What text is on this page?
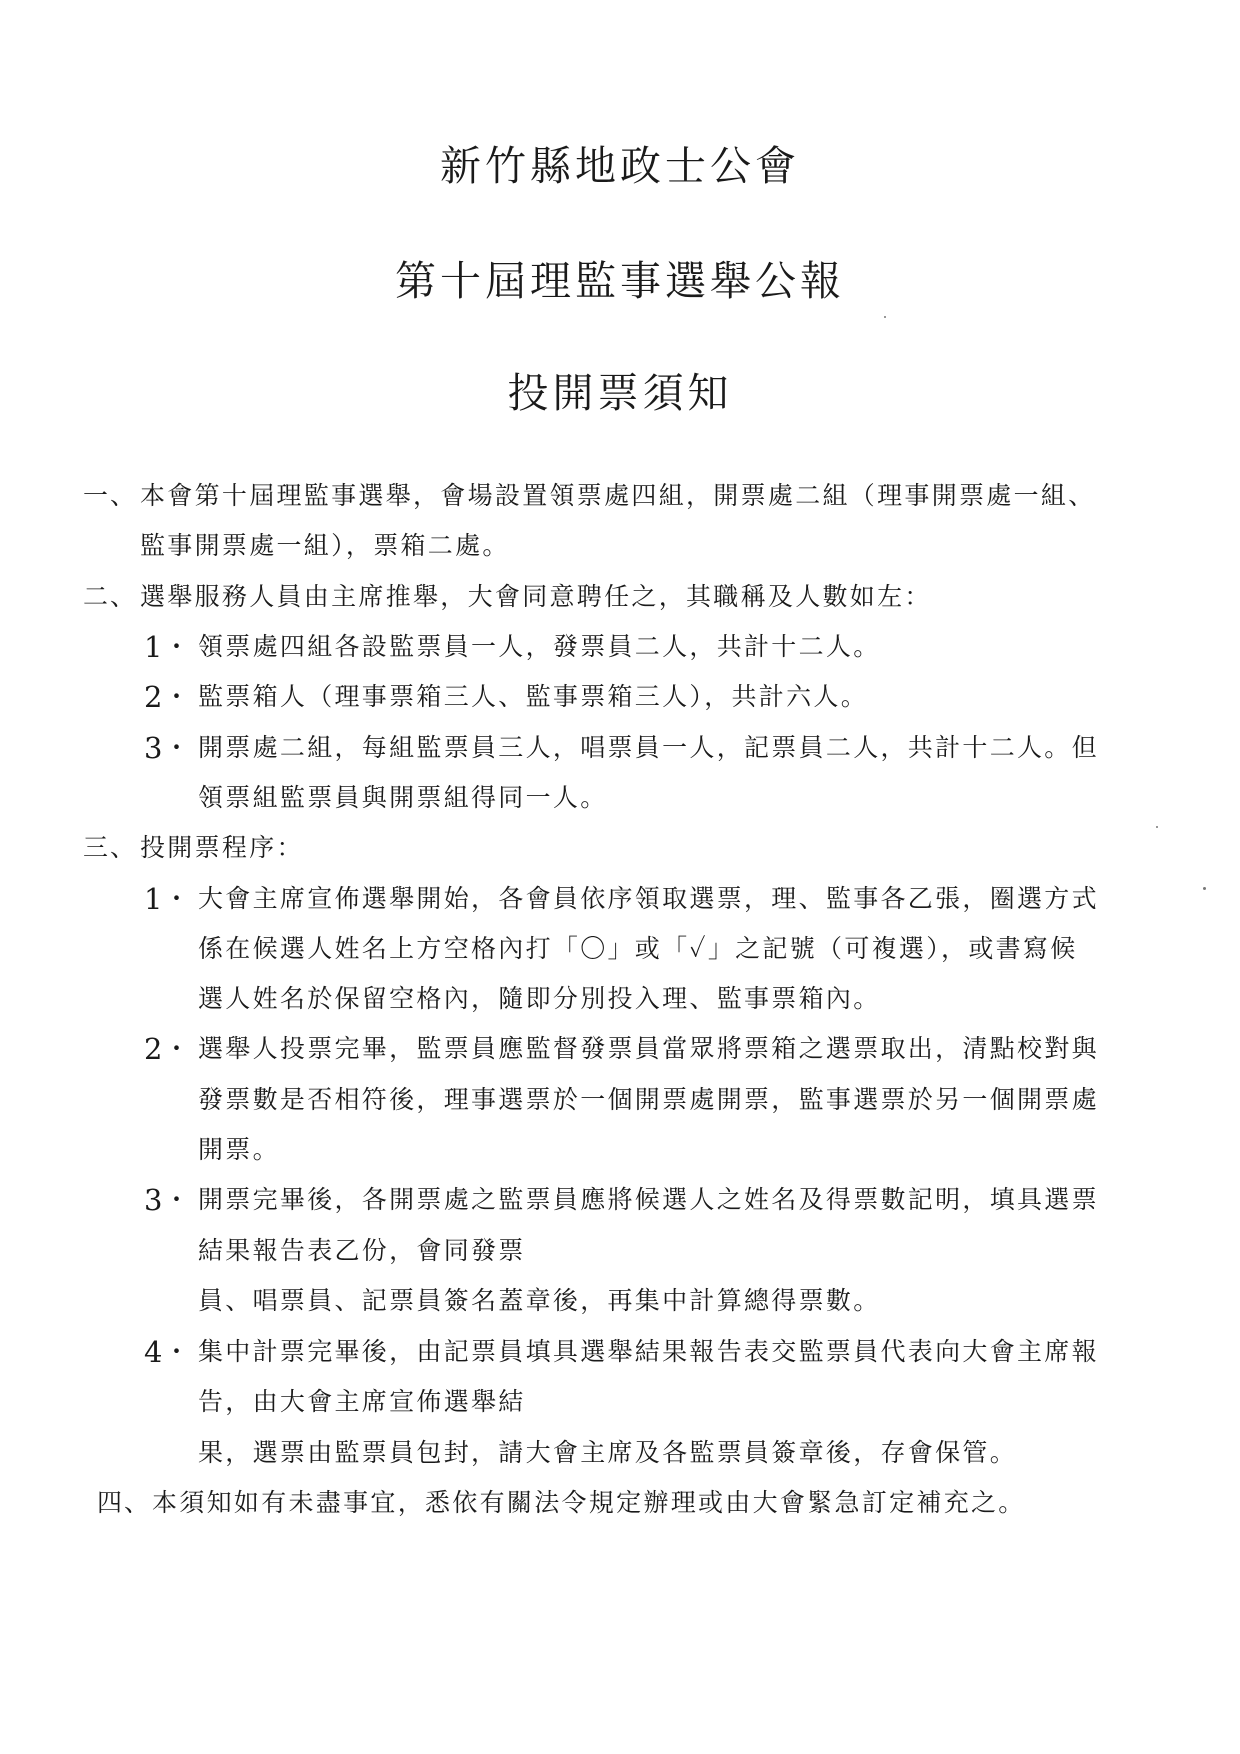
新竹縣地政士公會
第十屆理監事選舉公報
投開票須知
一、 本會第十屆理監事選舉，會場設置領票處四組，開票處二組（理事開票處一組、
監事開票處一組），票箱二處。
二、 選舉服務人員由主席推舉，大會同意聘任之，其職稱及人數如左：
1 ・ 領票處四組各設監票員一人，發票員二人，共計十二人。
2 ・ 監票箱人（理事票箱三人、監事票箱三人），共計六人。
3 ・ 開票處二組，每組監票員三人，唱票員一人，記票員二人，共計十二人。但
領票組監票員與開票組得同一人。
三、 投開票程序：
1 ・ 大會主席宣佈選舉開始，各會員依序領取選票，理、監事各乙張，圈選方式
係在候選人姓名上方空格內打「〇」或「✓」之記號（可複選），或書寫候
選人姓名於保留空格內，隨即分別投入理、監事票箱內。
2 ・ 選舉人投票完畢，監票員應監督發票員當眾將票箱之選票取出，清點校對與
發票數是否相符後，理事選票於一個開票處開票，監事選票於另一個開票處
開票。
3 ・ 開票完畢後，各開票處之監票員應將候選人之姓名及得票數記明，填具選票
結果報告表乙份，會同發票
員、唱票員、記票員簽名蓋章後，再集中計算總得票數。
4 ・ 集中計票完畢後，由記票員填具選舉結果報告表交監票員代表向大會主席報
告，由大會主席宣佈選舉結
果，選票由監票員包封，請大會主席及各監票員簽章後，存會保管。
四、 本須知如有未盡事宜，悉依有關法令規定辦理或由大會緊急訂定補充之。
